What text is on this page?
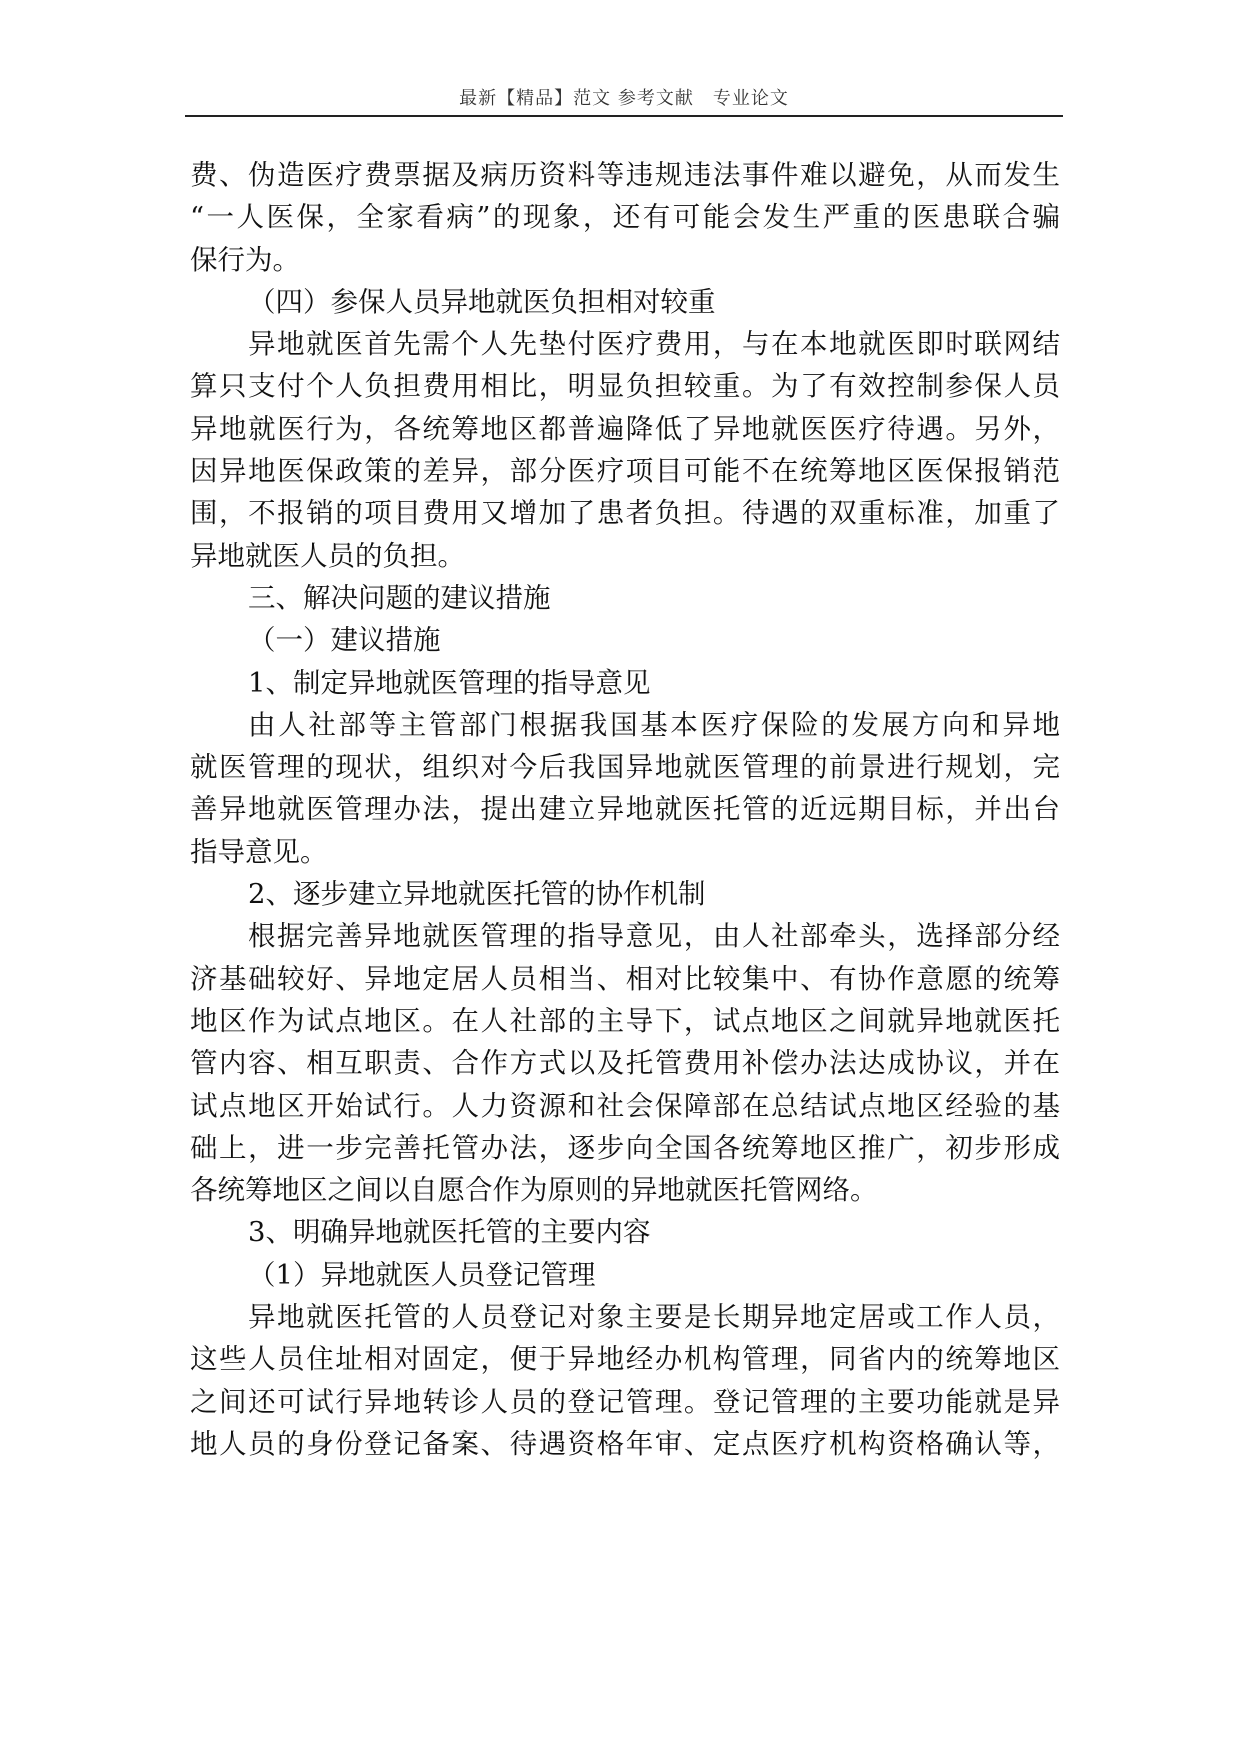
最新【精品】范文 参考文献　专业论文
费、伪造医疗费票据及病历资料等违规违法事件难以避免，从而发生
“一人医保，全家看病”的现象，还有可能会发生严重的医患联合骗
保行为。
（四）参保人员异地就医负担相对较重
异地就医首先需个人先垫付医疗费用，与在本地就医即时联网结
算只支付个人负担费用相比，明显负担较重。为了有效控制参保人员
异地就医行为，各统筹地区都普遍降低了异地就医医疗待遇。另外，
因异地医保政策的差异，部分医疗项目可能不在统筹地区医保报销范
围，不报销的项目费用又增加了患者负担。待遇的双重标准，加重了
异地就医人员的负担。
三、解决问题的建议措施
（一）建议措施
1、制定异地就医管理的指导意见
由人社部等主管部门根据我国基本医疗保险的发展方向和异地
就医管理的现状，组织对今后我国异地就医管理的前景进行规划，完
善异地就医管理办法，提出建立异地就医托管的近远期目标，并出台
指导意见。
2、逐步建立异地就医托管的协作机制
根据完善异地就医管理的指导意见，由人社部牵头，选择部分经
济基础较好、异地定居人员相当、相对比较集中、有协作意愿的统筹
地区作为试点地区。在人社部的主导下，试点地区之间就异地就医托
管内容、相互职责、合作方式以及托管费用补偿办法达成协议，并在
试点地区开始试行。人力资源和社会保障部在总结试点地区经验的基
础上，进一步完善托管办法，逐步向全国各统筹地区推广，初步形成
各统筹地区之间以自愿合作为原则的异地就医托管网络。
3、明确异地就医托管的主要内容
（1）异地就医人员登记管理
异地就医托管的人员登记对象主要是长期异地定居或工作人员，
这些人员住址相对固定，便于异地经办机构管理，同省内的统筹地区
之间还可试行异地转诊人员的登记管理。登记管理的主要功能就是异
地人员的身份登记备案、待遇资格年审、定点医疗机构资格确认等，
